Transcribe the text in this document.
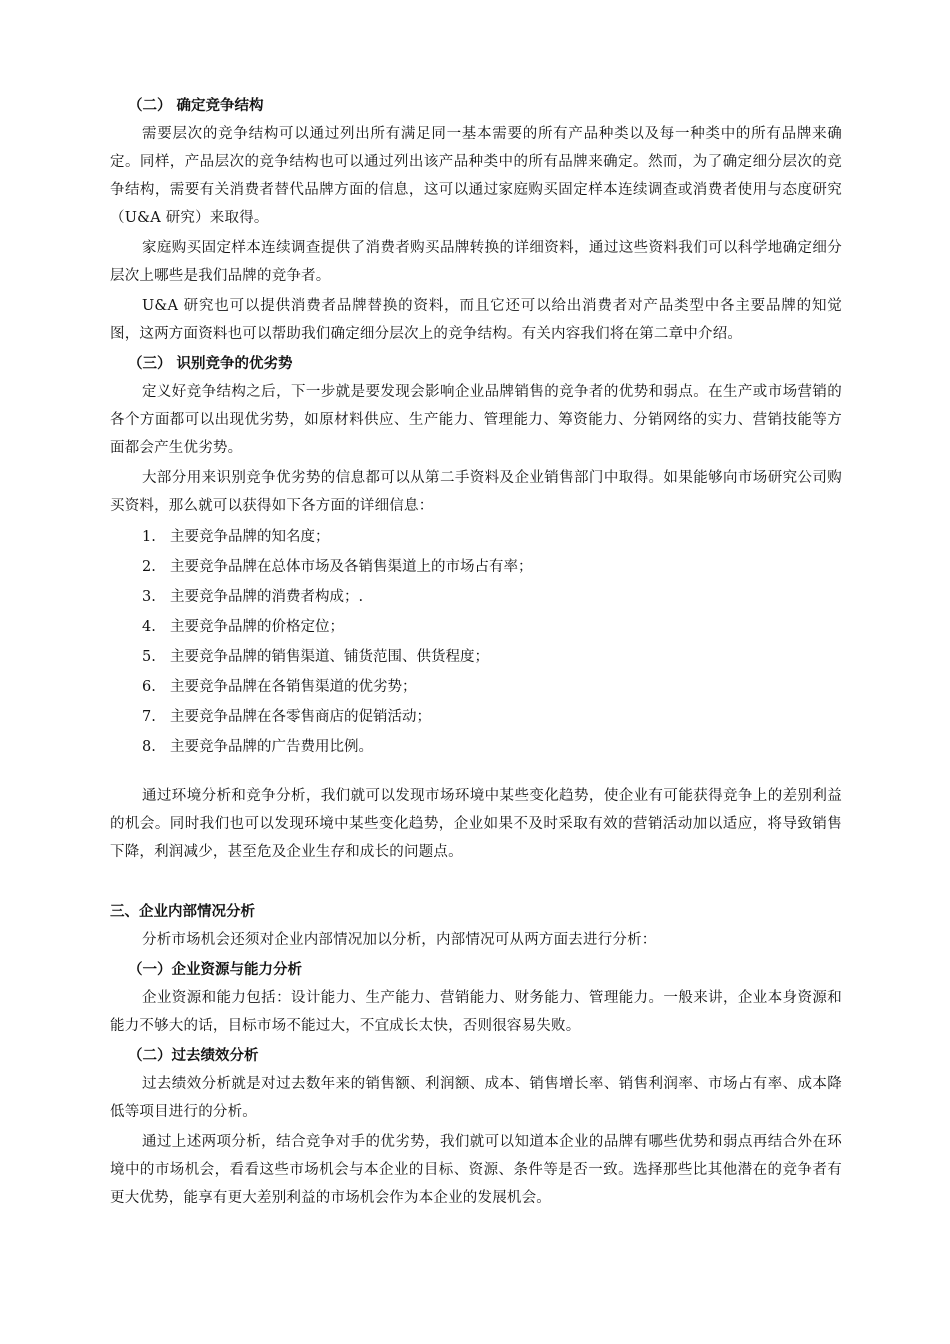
（二） 确定竞争结构

需要层次的竞争结构可以通过列出所有满足同一基本需要的所有产品种类以及每一种类中的所有品牌来确定。同样，产品层次的竞争结构也可以通过列出该产品种类中的所有品牌来确定。然而，为了确定细分层次的竞争结构，需要有关消费者替代品牌方面的信息，这可以通过家庭购买固定样本连续调查或消费者使用与态度研究（U&A 研究）来取得。

家庭购买固定样本连续调查提供了消费者购买品牌转换的详细资料，通过这些资料我们可以科学地确定细分层次上哪些是我们品牌的竞争者。

U&A 研究也可以提供消费者品牌替换的资料，而且它还可以给出消费者对产品类型中各主要品牌的知觉图，这两方面资料也可以帮助我们确定细分层次上的竞争结构。有关内容我们将在第二章中介绍。

（三） 识别竞争的优劣势

定义好竞争结构之后，下一步就是要发现会影响企业品牌销售的竞争者的优势和弱点。在生产或市场营销的各个方面都可以出现优劣势，如原材料供应、生产能力、管理能力、筹资能力、分销网络的实力、营销技能等方面都会产生优劣势。

大部分用来识别竞争优劣势的信息都可以从第二手资料及企业销售部门中取得。如果能够向市场研究公司购买资料，那么就可以获得如下各方面的详细信息：

1. 主要竞争品牌的知名度；
2. 主要竞争品牌在总体市场及各销售渠道上的市场占有率；
3. 主要竞争品牌的消费者构成；.
4. 主要竞争品牌的价格定位；
5. 主要竞争品牌的销售渠道、铺货范围、供货程度；
6. 主要竞争品牌在各销售渠道的优劣势；
7. 主要竞争品牌在各零售商店的促销活动；
8. 主要竞争品牌的广告费用比例。

通过环境分析和竞争分析，我们就可以发现市场环境中某些变化趋势，使企业有可能获得竞争上的差别利益的机会。同时我们也可以发现环境中某些变化趋势，企业如果不及时采取有效的营销活动加以适应，将导致销售下降，利润减少，甚至危及企业生存和成长的问题点。

三、企业内部情况分析

分析市场机会还须对企业内部情况加以分析，内部情况可从两方面去进行分析：

（一）企业资源与能力分析

企业资源和能力包括：设计能力、生产能力、营销能力、财务能力、管理能力。一般来讲，企业本身资源和能力不够大的话，目标市场不能过大，不宜成长太快，否则很容易失败。

（二）过去绩效分析

过去绩效分析就是对过去数年来的销售额、利润额、成本、销售增长率、销售利润率、市场占有率、成本降低等项目进行的分析。

通过上述两项分析，结合竞争对手的优劣势，我们就可以知道本企业的品牌有哪些优势和弱点再结合外在环境中的市场机会，看看这些市场机会与本企业的目标、资源、条件等是否一致。选择那些比其他潜在的竞争者有更大优势，能享有更大差别利益的市场机会作为本企业的发展机会。
